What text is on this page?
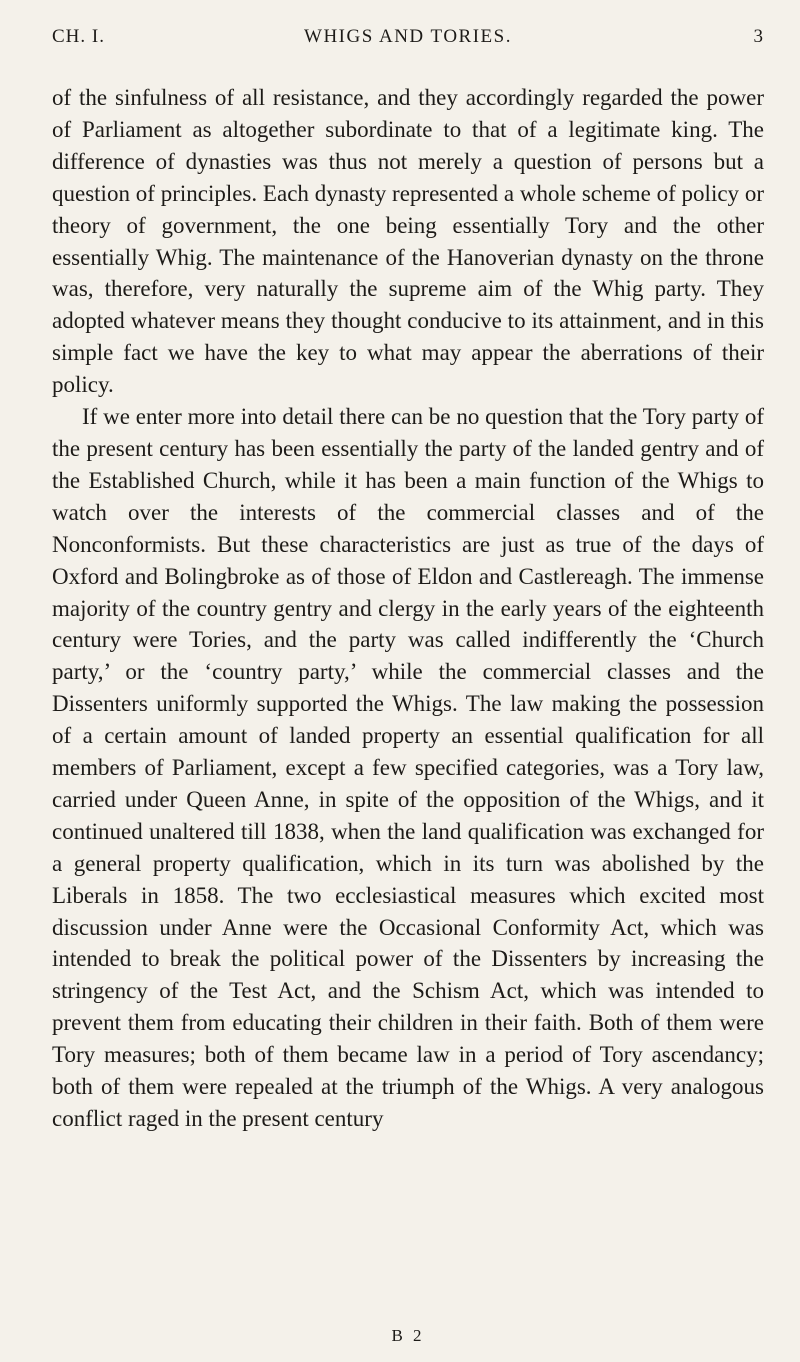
CH. I.	WHIGS AND TORIES.	3

of the sinfulness of all resistance, and they accordingly regarded the power of Parliament as altogether subordinate to that of a legitimate king. The difference of dynasties was thus not merely a question of persons but a question of principles. Each dynasty represented a whole scheme of policy or theory of government, the one being essentially Tory and the other essentially Whig. The maintenance of the Hanoverian dynasty on the throne was, therefore, very naturally the supreme aim of the Whig party. They adopted whatever means they thought conducive to its attainment, and in this simple fact we have the key to what may appear the aberrations of their policy.

If we enter more into detail there can be no question that the Tory party of the present century has been essentially the party of the landed gentry and of the Established Church, while it has been a main function of the Whigs to watch over the interests of the commercial classes and of the Nonconformists. But these characteristics are just as true of the days of Oxford and Bolingbroke as of those of Eldon and Castlereagh. The immense majority of the country gentry and clergy in the early years of the eighteenth century were Tories, and the party was called indifferently the ‘Church party,’ or the ‘country party,’ while the commercial classes and the Dissenters uniformly supported the Whigs. The law making the possession of a certain amount of landed property an essential qualification for all members of Parliament, except a few specified categories, was a Tory law, carried under Queen Anne, in spite of the opposition of the Whigs, and it continued unaltered till 1838, when the land qualification was exchanged for a general property qualification, which in its turn was abolished by the Liberals in 1858. The two ecclesiastical measures which excited most discussion under Anne were the Occasional Conformity Act, which was intended to break the political power of the Dissenters by increasing the stringency of the Test Act, and the Schism Act, which was intended to prevent them from educating their children in their faith. Both of them were Tory measures; both of them became law in a period of Tory ascendancy; both of them were repealed at the triumph of the Whigs. A very analogous conflict raged in the present century

B 2
